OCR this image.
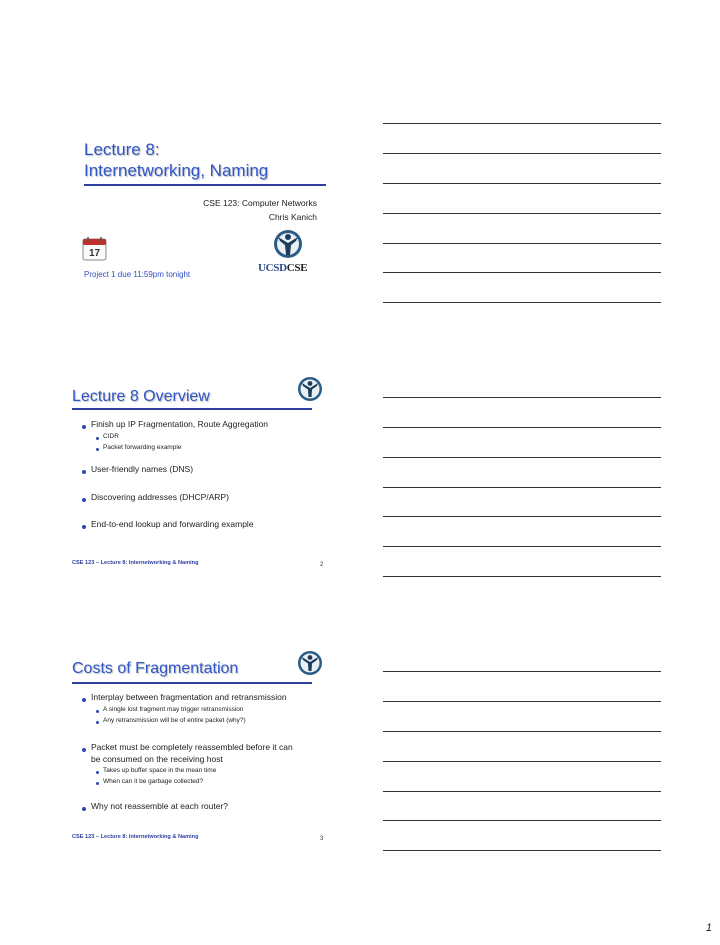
Lecture 8:
Internetworking, Naming
CSE 123: Computer Networks
Chris Kanich
17
Project 1 due 11:59pm tonight
UCSDCSE
Lecture 8 Overview
Finish up IP Fragmentation, Route Aggregation
CIDR
Packet forwarding example
User-friendly names (DNS)
Discovering addresses (DHCP/ARP)
End-to-end lookup and forwarding example
CSE 123 – Lecture 8: Internetworking & Naming	2
Costs of Fragmentation
Interplay between fragmentation and retransmission
A single lost fragment may trigger retransmission
Any retransmission will be of entire packet (why?)
Packet must be completely reassembled before it can
be consumed on the receiving host
Takes up buffer space in the mean time
When can it be garbage collected?
Why not reassemble at each router?
CSE 123 – Lecture 8: Internetworking & Naming	3
1
